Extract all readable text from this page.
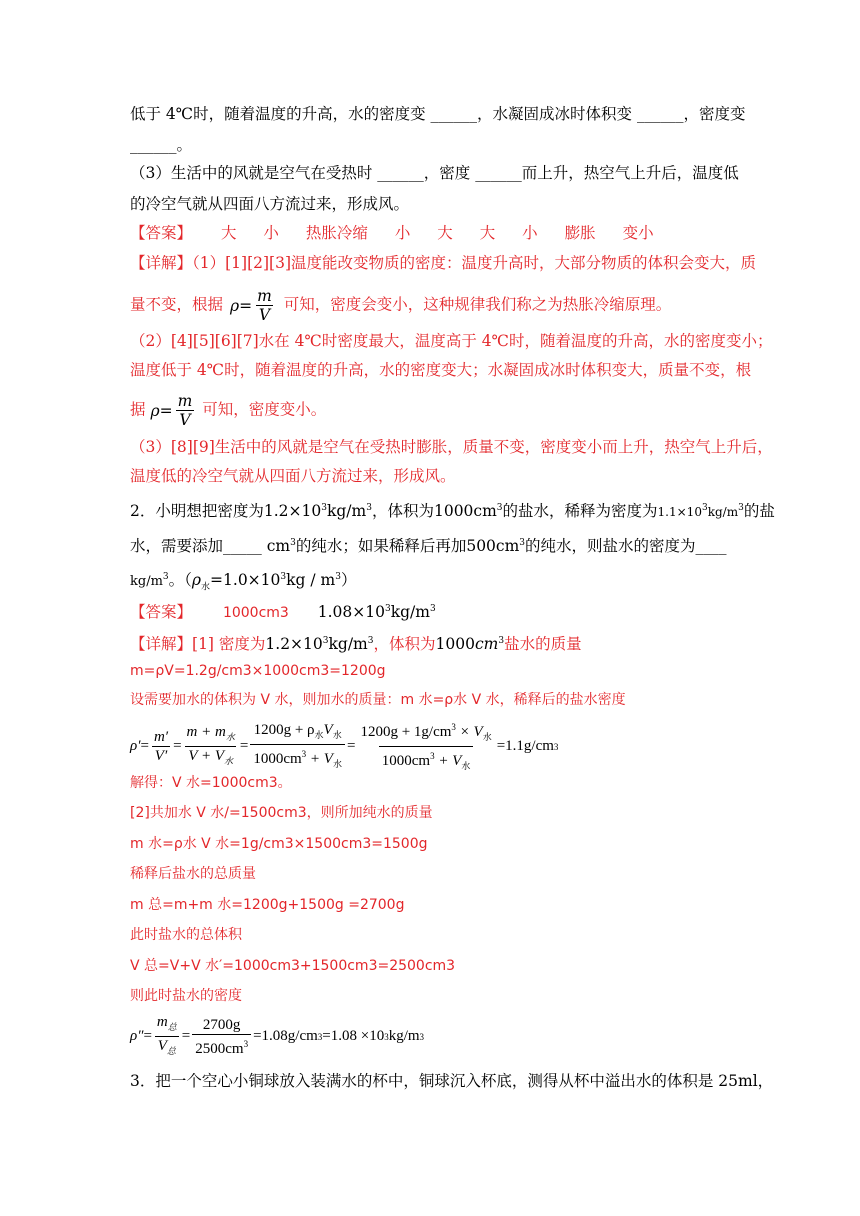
低于 4℃时，随着温度的升高，水的密度变 ______，水凝固成冰时体积变 ______，密度变
______。
（3）生活中的风就是空气在受热时 ______，密度 ______而上升，热空气上升后，温度低
的冷空气就从四面八方流过来，形成风。
【答案】 大 小 热胀冷缩 小 大 大 小 膨胀 变小
【详解】（1）[1][2][3]温度能改变物质的密度：温度升高时，大部分物质的体积会变大，质
量不变，根据 $\rho = \frac{m}{V}$ 可知，密度会变小，这种规律我们称之为热胀冷缩原理。
（2）[4][5][6][7]水在 4℃时密度最大，温度高于 4℃时，随着温度的升高，水的密度变小；
温度低于 4℃时，随着温度的升高，水的密度变大；水凝固成冰时体积变大，质量不变，根
据 $\rho = \frac{m}{V}$ 可知，密度变小。
（3）[8][9]生活中的风就是空气在受热时膨胀，质量不变，密度变小而上升，热空气上升后，
温度低的冷空气就从四面八方流过来，形成风。
2．小明想把密度为$1.2\times 10^3kg/m^3$，体积为$1000cm^3$的盐水，稀释为密度为$1.1\times 10^3kg/m^3$的盐
水，需要添加_____ $cm^3$的纯水；如果稀释后再加$500cm^3$的纯水，则盐水的密度为____
$kg/m^3$。$(\rho_水=1.0\times 10^3kg / m^3)$
【答案】 1000cm3 $1.08\times 10^3kg/m^3$
【详解】[1] 密度为$1.2\times 10^3kg/m^3$，体积为$1000cm^3$盐水的质量
m=ρV=1.2g/cm3×1000cm3=1200g
设需要加水的体积为 V 水，则加水的质量：m 水=ρ水 V 水，稀释后的盐水密度
$\rho' = \frac{m'}{V'} = \frac{m + m_水}{V + V_水} = \frac{1200g + \rho_水V_水}{1000cm^3 + V_水} = \frac{1200g + 1g/cm^3 \times V_水}{1000cm^3 + V_水} =1.1g/cm$ 3
解得：V 水=1000cm3。
[2]共加水 V 水/=1500cm3，则所加纯水的质量
m 水=ρ水 V 水=1g/cm3×1500cm3=1500g
稀释后盐水的总质量
m 总=m+m 水=1200g+1500g =2700g
此时盐水的总体积
V 总=V+V 水′=1000cm3+1500cm3=2500cm3
则此时盐水的密度
$\rho'' = \frac{m_总}{V_总} = \frac{2700g}{2500cm^3} =1.08g/cm$ 3 =1.08 ×10 3 kg/m 3
3．把一个空心小铜球放入装满水的杯中，铜球沉入杯底，测得从杯中溢出水的体积是 25ml，
